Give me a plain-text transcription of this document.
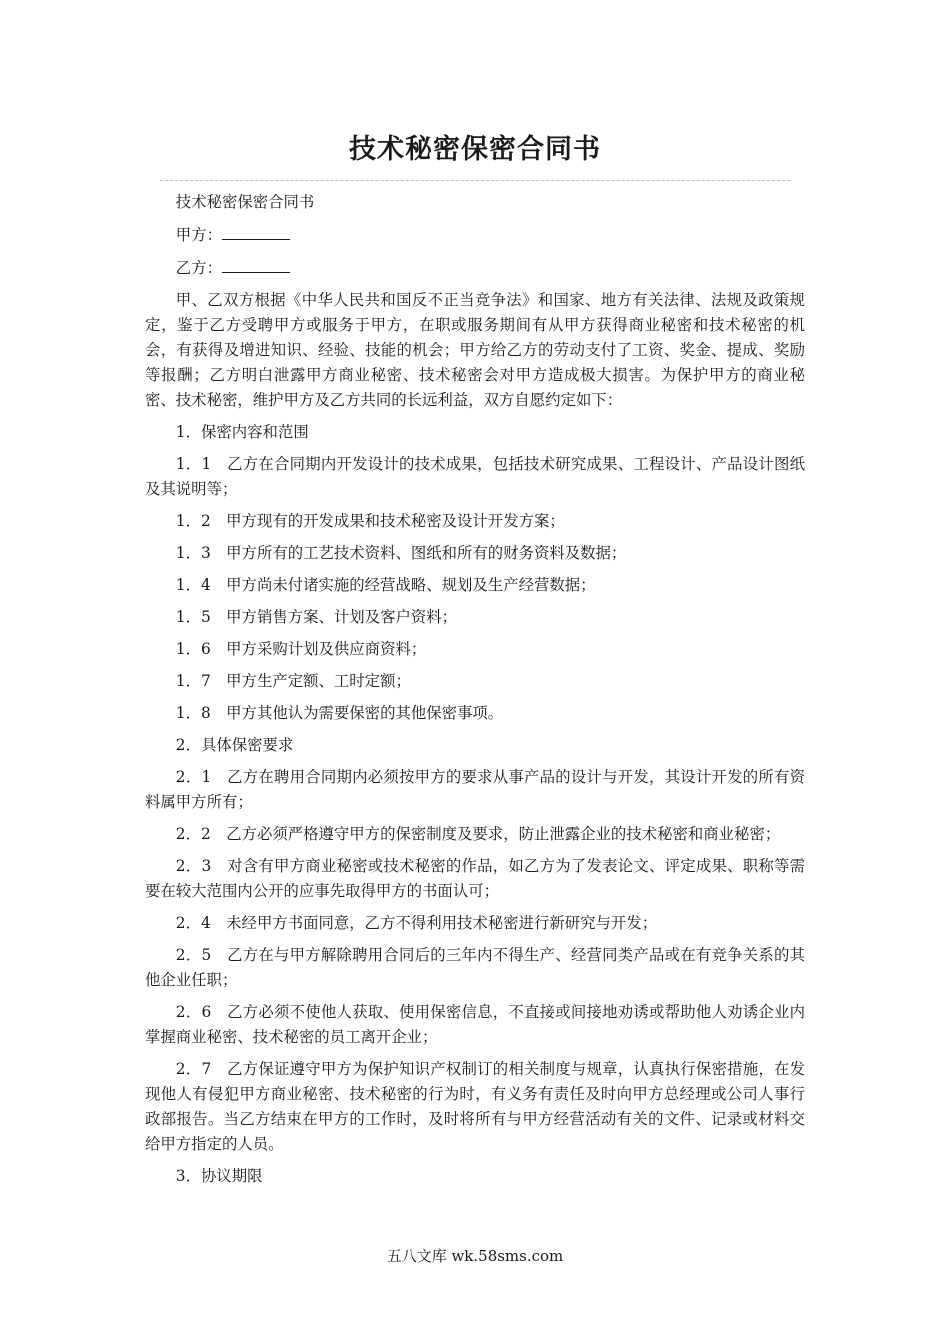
技术秘密保密合同书

技术秘密保密合同书

甲方：

乙方：

甲、乙双方根据《中华人民共和国反不正当竞争法》和国家、地方有关法律、法规及政策规定，鉴于乙方受聘甲方或服务于甲方，在职或服务期间有从甲方获得商业秘密和技术秘密的机会，有获得及增进知识、经验、技能的机会；甲方给乙方的劳动支付了工资、奖金、提成、奖励等报酬；乙方明白泄露甲方商业秘密、技术秘密会对甲方造成极大损害。为保护甲方的商业秘密、技术秘密，维护甲方及乙方共同的长远利益，双方自愿约定如下：

1．保密内容和范围

1．1　乙方在合同期内开发设计的技术成果，包括技术研究成果、工程设计、产品设计图纸及其说明等；

1．2　甲方现有的开发成果和技术秘密及设计开发方案；

1．3　甲方所有的工艺技术资料、图纸和所有的财务资料及数据；

1．4　甲方尚未付诸实施的经营战略、规划及生产经营数据；

1．5　甲方销售方案、计划及客户资料；

1．6　甲方采购计划及供应商资料；

1．7　甲方生产定额、工时定额；

1．8　甲方其他认为需要保密的其他保密事项。

2．具体保密要求

2．1　乙方在聘用合同期内必须按甲方的要求从事产品的设计与开发，其设计开发的所有资料属甲方所有；

2．2　乙方必须严格遵守甲方的保密制度及要求，防止泄露企业的技术秘密和商业秘密；

2．3　对含有甲方商业秘密或技术秘密的作品，如乙方为了发表论文、评定成果、职称等需要在较大范围内公开的应事先取得甲方的书面认可；

2．4　未经甲方书面同意，乙方不得利用技术秘密进行新研究与开发；

2．5　乙方在与甲方解除聘用合同后的三年内不得生产、经营同类产品或在有竞争关系的其他企业任职；

2．6　乙方必须不使他人获取、使用保密信息，不直接或间接地劝诱或帮助他人劝诱企业内掌握商业秘密、技术秘密的员工离开企业；

2．7　乙方保证遵守甲方为保护知识产权制订的相关制度与规章，认真执行保密措施，在发现他人有侵犯甲方商业秘密、技术秘密的行为时，有义务有责任及时向甲方总经理或公司人事行政部报告。当乙方结束在甲方的工作时，及时将所有与甲方经营活动有关的文件、记录或材料交给甲方指定的人员。

3．协议期限

五八文库 wk.58sms.com
